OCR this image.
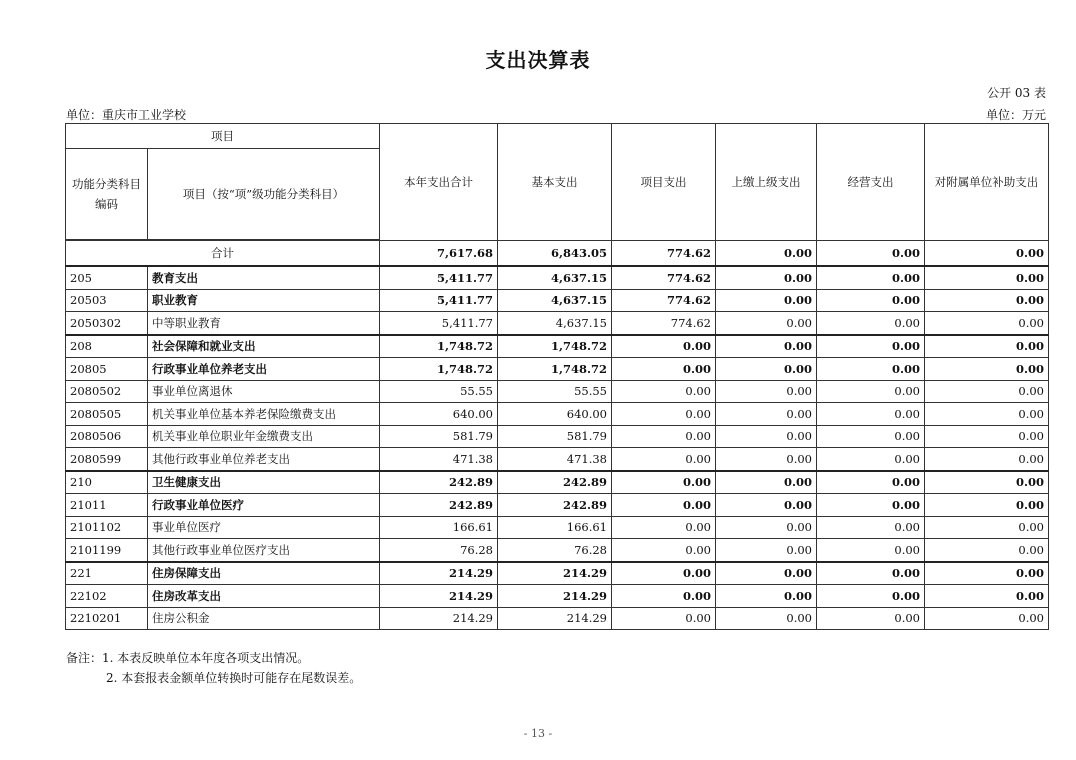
支出决算表
公开 03 表
单位：重庆市工业学校	单位：万元
项目		本年支出合计	基本支出	项目支出	上缴上级支出	经营支出	对附属单位补助支出
功能分类科目编码	项目（按“项”级功能分类科目）						

合计		7,617.68	6,843.05	774.62	0.00	0.00	0.00
205	教育支出	5,411.77	4,637.15	774.62	0.00	0.00	0.00
20503	职业教育	5,411.77	4,637.15	774.62	0.00	0.00	0.00
2050302	中等职业教育	5,411.77	4,637.15	774.62	0.00	0.00	0.00
208	社会保障和就业支出	1,748.72	1,748.72	0.00	0.00	0.00	0.00
20805	行政事业单位养老支出	1,748.72	1,748.72	0.00	0.00	0.00	0.00
2080502	事业单位离退休	55.55	55.55	0.00	0.00	0.00	0.00
2080505	机关事业单位基本养老保险缴费支出	640.00	640.00	0.00	0.00	0.00	0.00
2080506	机关事业单位职业年金缴费支出	581.79	581.79	0.00	0.00	0.00	0.00
2080599	其他行政事业单位养老支出	471.38	471.38	0.00	0.00	0.00	0.00
210	卫生健康支出	242.89	242.89	0.00	0.00	0.00	0.00
21011	行政事业单位医疗	242.89	242.89	0.00	0.00	0.00	0.00
2101102	事业单位医疗	166.61	166.61	0.00	0.00	0.00	0.00
2101199	其他行政事业单位医疗支出	76.28	76.28	0.00	0.00	0.00	0.00
221	住房保障支出	214.29	214.29	0.00	0.00	0.00	0.00
22102	住房改革支出	214.29	214.29	0.00	0.00	0.00	0.00
2210201	住房公积金	214.29	214.29	0.00	0.00	0.00	0.00
备注：1. 本表反映单位本年度各项支出情况。
2. 本套报表金额单位转换时可能存在尾数误差。
- 13 -
